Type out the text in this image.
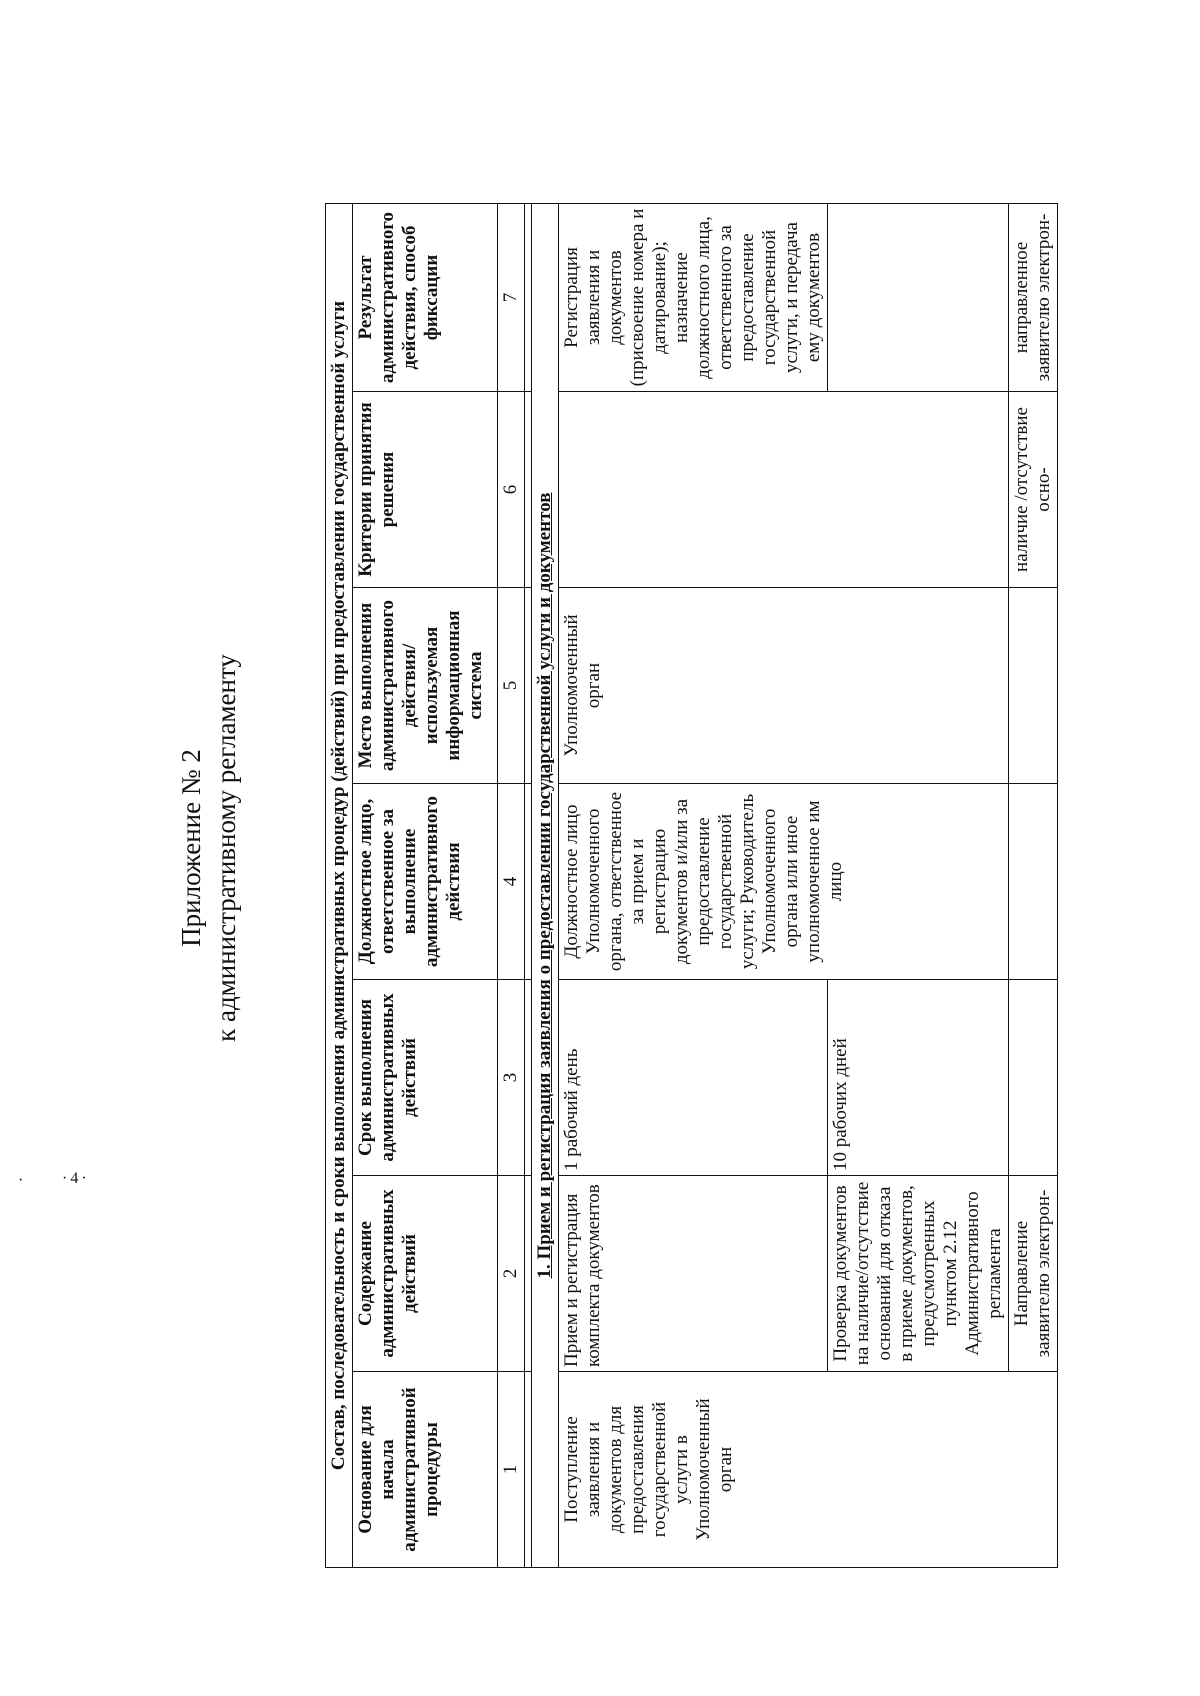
Приложение № 2 к административному регламенту	Состав, последовательность и сроки выполнения административных процедур (действий) при предоставлении государственной услуги						
Основание для начала административной процедуры	Содержание административных действий	Срок выполнения административных действий	Должностное лицо, ответственное за выполнение административного действия	Место выполнения административного действия/ используемая информационная система	Критерии принятия решения	Результат административного действия, способ фиксации
1	2	3	4	5	6	7

1. Прием и регистрация заявления о предоставлении государственной услуги и документов						
Поступление заявления и документов для предоставления государственной услуги в Уполномоченный орган	Прием и регистрация комплекта документов	1 рабочий день	Должностное лицо Уполномоченного органа, ответственное за прием и регистрацию документов и/или за предоставление государственной услуги; Руководитель Уполномоченного органа или иное уполномоченное им лицо	Уполномоченный орган		Регистрация заявления и документов (присвоение номера и датирование); назначение должностного лица, ответственного за предоставление государственной услуги, и передача ему документов
	Проверка документов на наличие/отсутствие оснований для отказа в приеме документов, предусмотренных пунктом 2.12 Административного регламента	10 рабочих дней				
	Направление заявителю электрон-				наличие /отсутствие осно-	направленное заявителю электрон-
·4·
·
